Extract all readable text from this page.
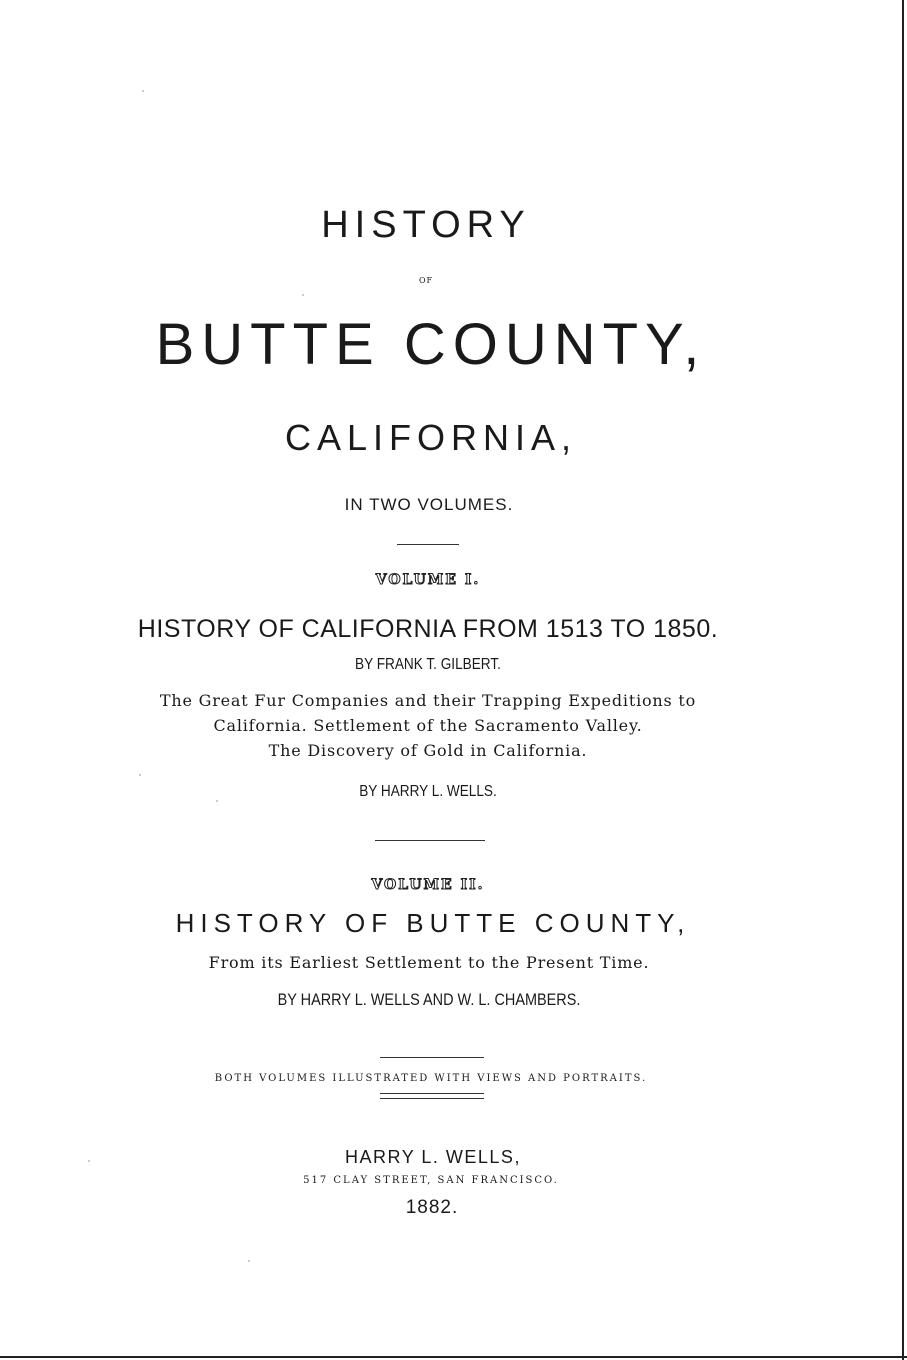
HISTORY
OF
BUTTE COUNTY,
CALIFORNIA,
IN TWO VOLUMES.
VOLUME I.
HISTORY OF CALIFORNIA FROM 1513 TO 1850.
BY FRANK T. GILBERT.
The Great Fur Companies and their Trapping Expeditions to
California. Settlement of the Sacramento Valley.
The Discovery of Gold in California.
BY HARRY L. WELLS.
VOLUME II.
HISTORY OF BUTTE COUNTY,
From its Earliest Settlement to the Present Time.
BY HARRY L. WELLS AND W. L. CHAMBERS.
BOTH VOLUMES ILLUSTRATED WITH VIEWS AND PORTRAITS.
HARRY L. WELLS,
517 CLAY STREET, SAN FRANCISCO.
1882.
